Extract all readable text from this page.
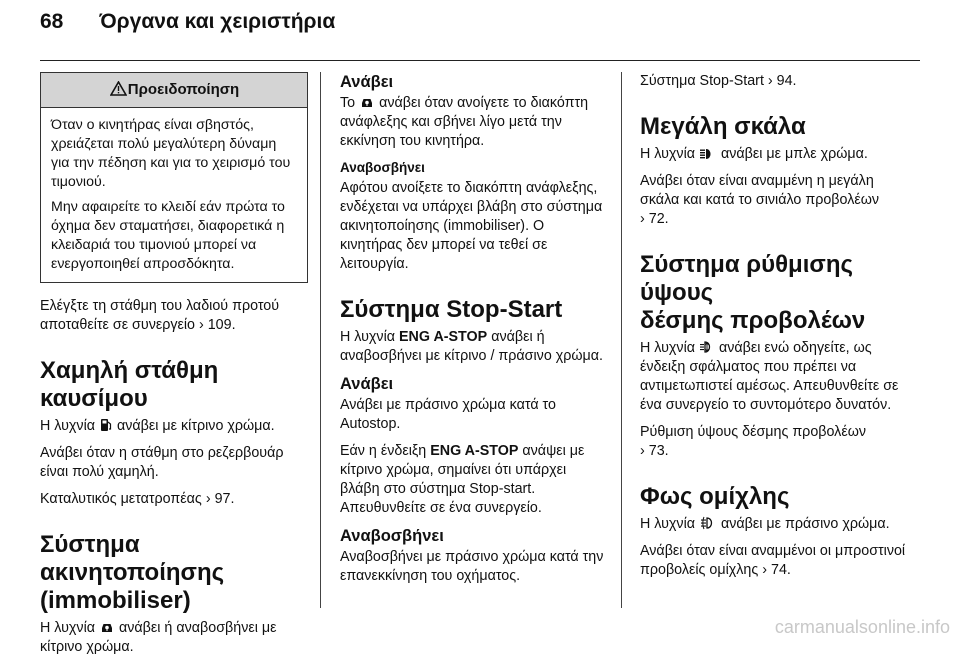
68 Όργανα και χειριστήρια
Προειδοποίηση

Όταν ο κινητήρας είναι σβηστός, χρειάζεται πολύ μεγαλύτερη δύναμη για την πέδηση και για το χειρισμό του τιμονιού.

Μην αφαιρείτε το κλειδί εάν πρώτα το όχημα δεν σταματήσει, διαφορετικά η κλειδαριά του τιμονιού μπορεί να ενεργοποιηθεί απροσδόκητα.

Ελέγξτε τη στάθμη του λαδιού προτού αποταθείτε σε συνεργείο › 109.

Χαμηλή στάθμη καυσίμου

Η λυχνία ανάβει με κίτρινο χρώμα.

Ανάβει όταν η στάθμη στο ρεζερβουάρ είναι πολύ χαμηλή.

Καταλυτικός μετατροπέας › 97.

Σύστημα ακινητοποίησης
(immobiliser)

Η λυχνία ανάβει ή αναβοσβήνει με κίτρινο χρώμα.

Ανάβει

Το ανάβει όταν ανοίγετε το διακόπτη ανάφλεξης και σβήνει λίγο μετά την εκκίνηση του κινητήρα.

Αναβοσβήνει

Αφότου ανοίξετε το διακόπτη ανάφλεξης, ενδέχεται να υπάρχει βλάβη στο σύστημα ακινητοποίησης (immobiliser). Ο κινητήρας δεν μπορεί να τεθεί σε λειτουργία.

Σύστημα Stop-Start

Η λυχνία ENG A-STOP ανάβει ή αναβοσβήνει με κίτρινο / πράσινο χρώμα.

Ανάβει

Ανάβει με πράσινο χρώμα κατά το Autostop.

Εάν η ένδειξη ENG A-STOP ανάψει με κίτρινο χρώμα, σημαίνει ότι υπάρχει βλάβη στο σύστημα Stop-start. Απευθυνθείτε σε ένα συνεργείο.

Αναβοσβήνει

Αναβοσβήνει με πράσινο χρώμα κατά την επανεκκίνηση του οχήματος.

Σύστημα Stop-Start › 94.

Μεγάλη σκάλα

Η λυχνία ανάβει με μπλε χρώμα.

Ανάβει όταν είναι αναμμένη η μεγάλη σκάλα και κατά το σινιάλο προβολέων
› 72.

Σύστημα ρύθμισης ύψους
δέσμης προβολέων

Η λυχνία ανάβει ενώ οδηγείτε, ως ένδειξη σφάλματος που πρέπει να αντιμετωπιστεί αμέσως. Απευθυνθείτε σε ένα συνεργείο το συντομότερο δυνατόν.

Ρύθμιση ύψους δέσμης προβολέων
› 73.

Φως ομίχλης

Η λυχνία ανάβει με πράσινο χρώμα.

Ανάβει όταν είναι αναμμένοι οι μπροστινοί προβολείς ομίχλης › 74.

carmanualsonline.info
